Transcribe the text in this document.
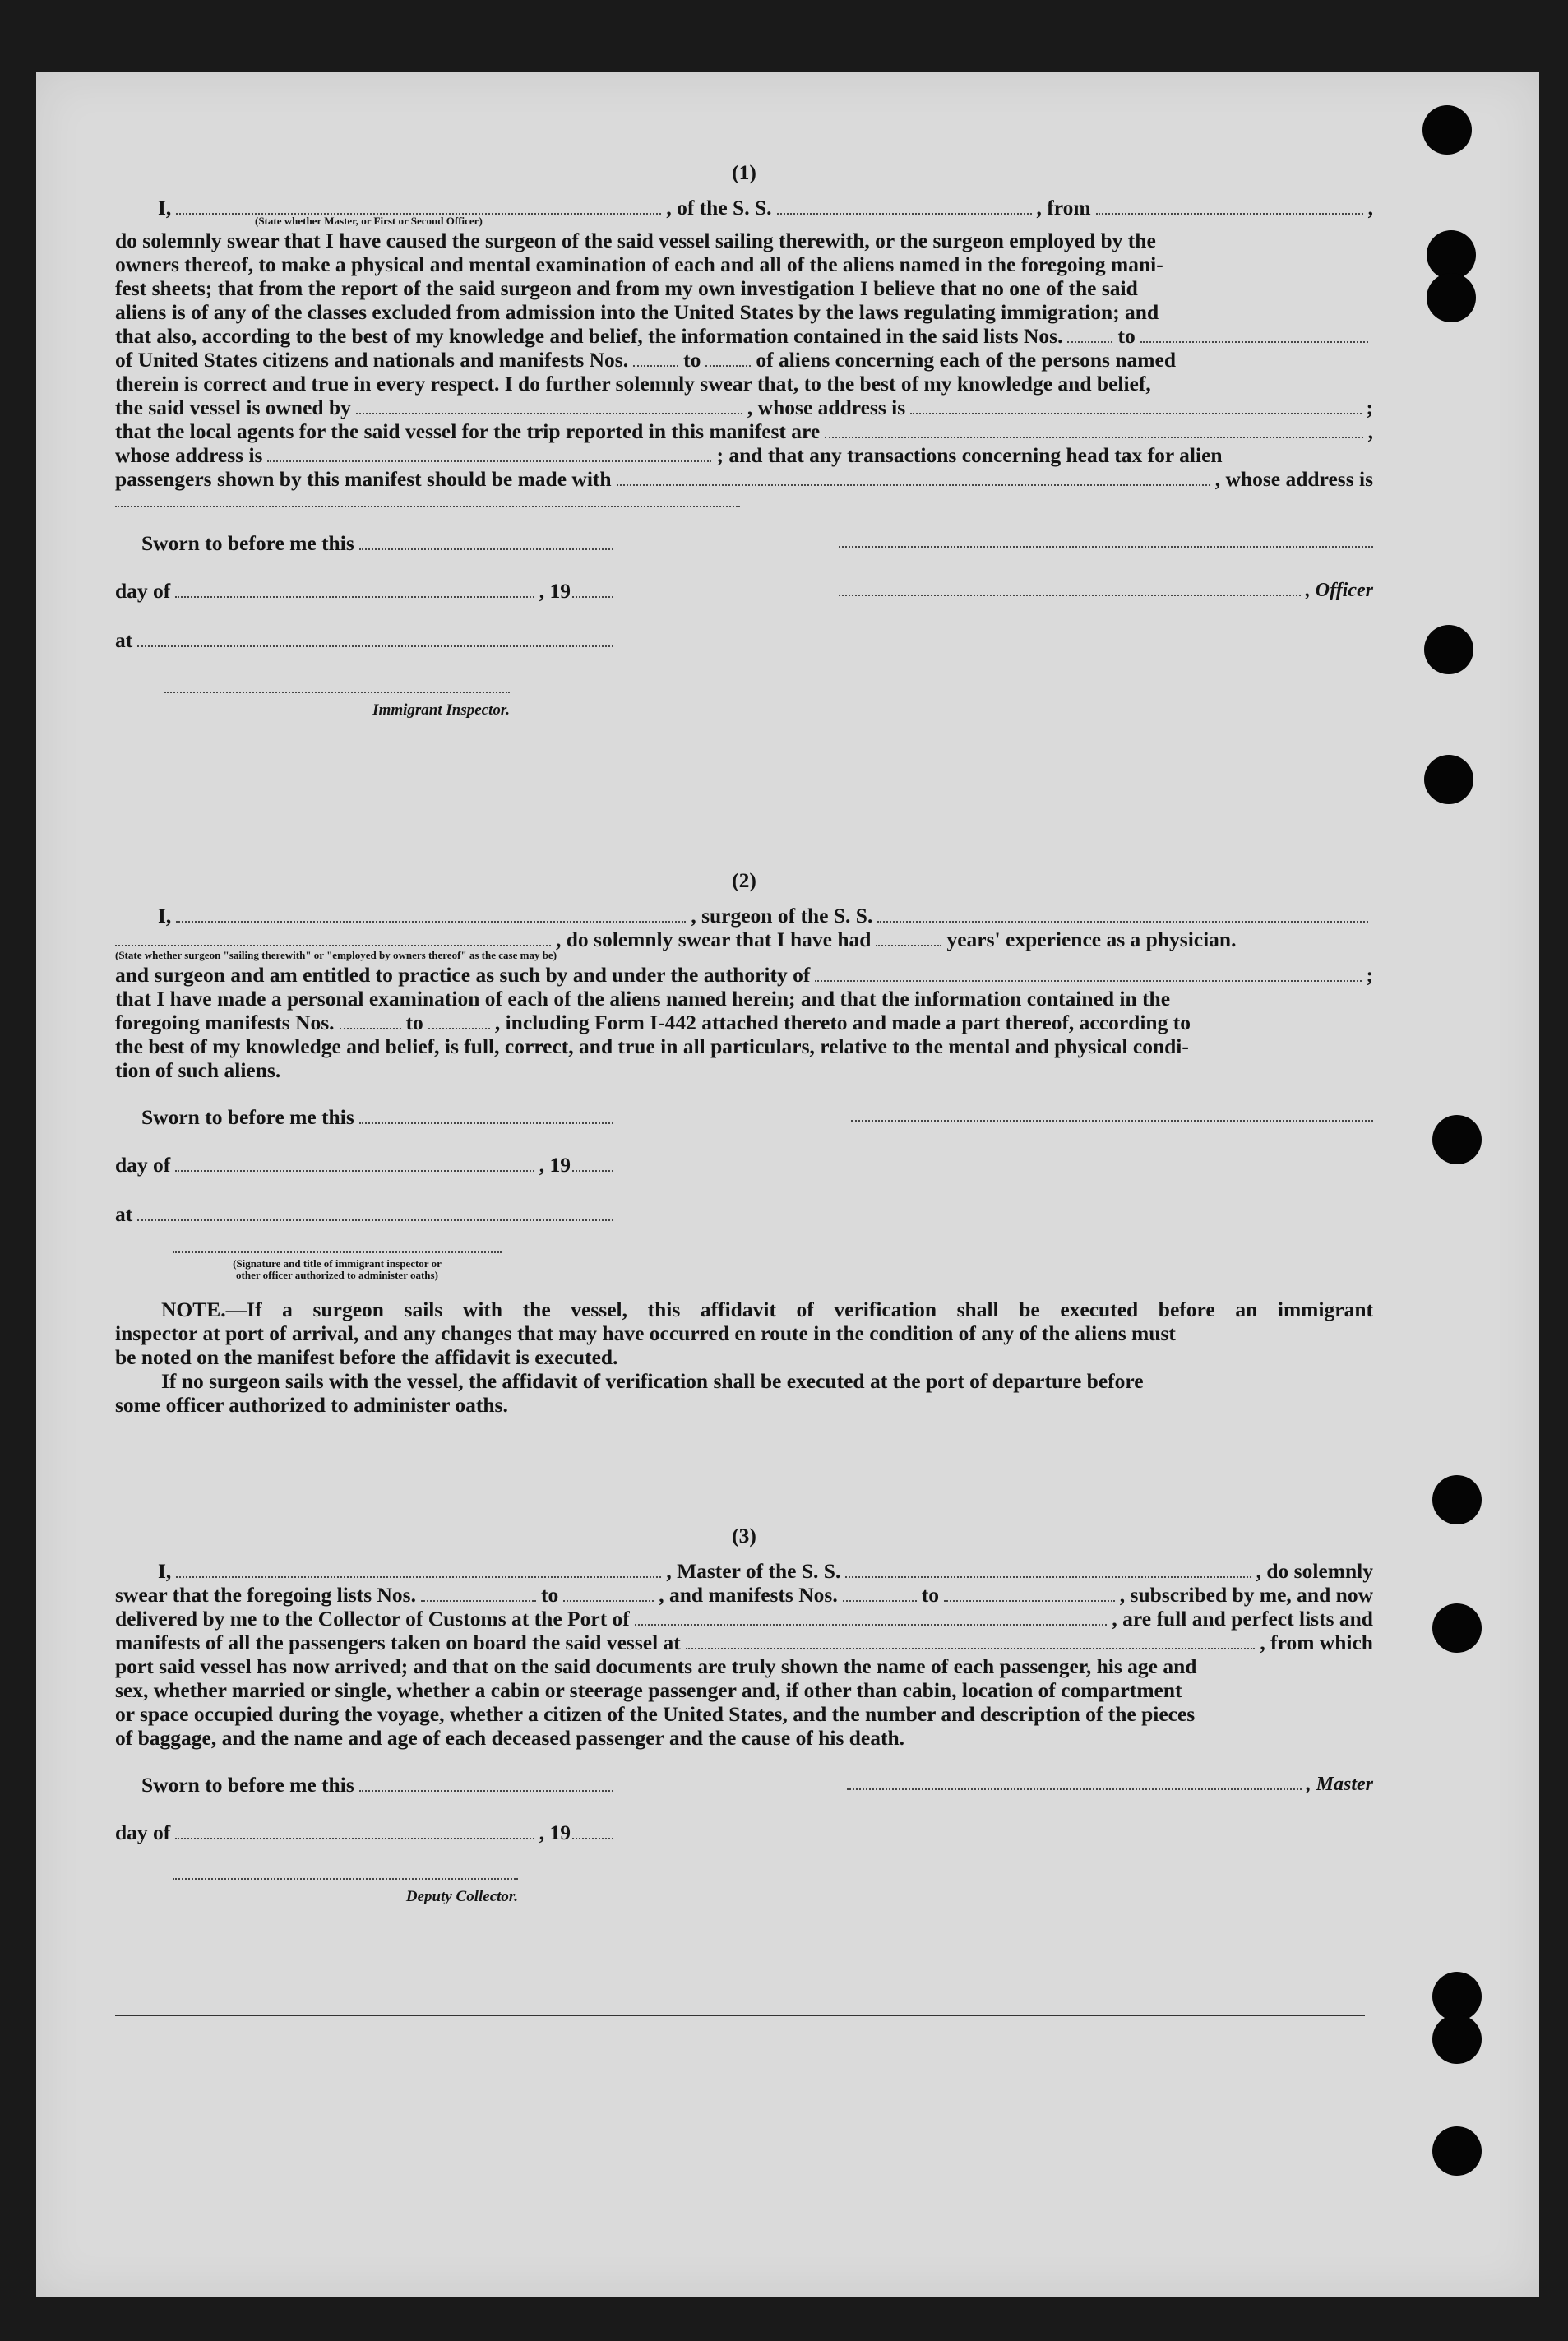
(1)
I,	, of the S. S.	, from	,
(State whether Master, or First or Second Officer)
do solemnly swear that I have caused the surgeon of the said vessel sailing therewith, or the surgeon employed by the
owners thereof, to make a physical and mental examination of each and all of the aliens named in the foregoing mani-
fest sheets; that from the report of the said surgeon and from my own investigation I believe that no one of the said
aliens is of any of the classes excluded from admission into the United States by the laws regulating immigration; and
that also, according to the best of my knowledge and belief, the information contained in the said lists Nos.	to
of United States citizens and nationals and manifests Nos.	to	of aliens concerning each of the persons named
therein is correct and true in every respect. I do further solemnly swear that, to the best of my knowledge and belief,
the said vessel is owned by	, whose address is	;
that the local agents for the said vessel for the trip reported in this manifest are	,
whose address is	; and that any transactions concerning head tax for alien
passengers shown by this manifest should be made with	, whose address is
Sworn to before me this
day of	, 19
at
Immigrant Inspector.
, Officer
(2)
I,	, surgeon of the S. S.
, do solemnly swear that I have had	years' experience as a physician.
(State whether surgeon "sailing therewith" or "employed by owners thereof" as the case may be)
and surgeon and am entitled to practice as such by and under the authority of	;
that I have made a personal examination of each of the aliens named herein; and that the information contained in the
foregoing manifests Nos.	to	, including Form I-442 attached thereto and made a part thereof, according to
the best of my knowledge and belief, is full, correct, and true in all particulars, relative to the mental and physical condi-
tion of such aliens.
Sworn to before me this
day of	, 19
at
(Signature and title of immigrant inspector or
other officer authorized to administer oaths)
NOTE.—If a surgeon sails with the vessel, this affidavit of verification shall be executed before an immigrant
inspector at port of arrival, and any changes that may have occurred en route in the condition of any of the aliens must
be noted on the manifest before the affidavit is executed.
If no surgeon sails with the vessel, the affidavit of verification shall be executed at the port of departure before
some officer authorized to administer oaths.
(3)
I,	, Master of the S. S.	, do solemnly
swear that the foregoing lists Nos.	to	, and manifests Nos.	to	, subscribed by me, and now
delivered by me to the Collector of Customs at the Port of	, are full and perfect lists and
manifests of all the passengers taken on board the said vessel at	, from which
port said vessel has now arrived; and that on the said documents are truly shown the name of each passenger, his age and
sex, whether married or single, whether a cabin or steerage passenger and, if other than cabin, location of compartment
or space occupied during the voyage, whether a citizen of the United States, and the number and description of the pieces
of baggage, and the name and age of each deceased passenger and the cause of his death.
Sworn to before me this
day of	, 19
Deputy Collector.
, Master
